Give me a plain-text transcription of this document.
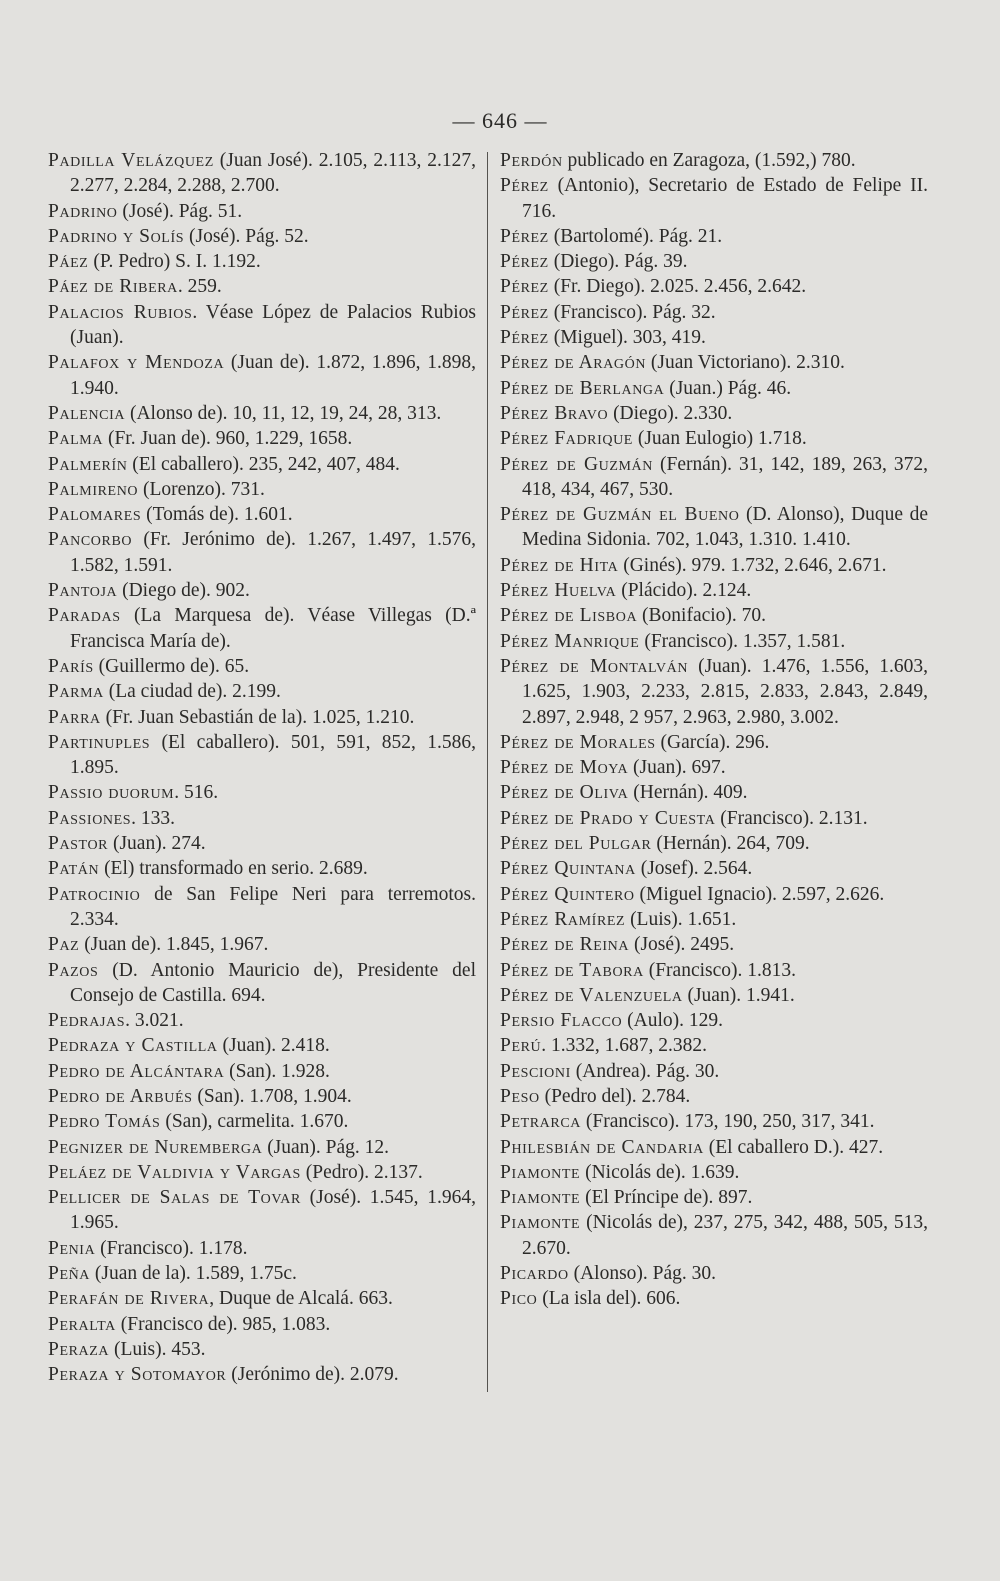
— 646 —

Padilla Velázquez (Juan José). 2.105, 2.113, 2.127, 2.277, 2.284, 2.288, 2.700.

Padrino (José). Pág. 51.

Padrino y Solís (José). Pág. 52.

Páez (P. Pedro) S. I. 1.192.

Páez de Ribera. 259.

Palacios Rubios. Véase López de Palacios Rubios (Juan).

Palafox y Mendoza (Juan de). 1.872, 1.896, 1.898, 1.940.

Palencia (Alonso de). 10, 11, 12, 19, 24, 28, 313.

Palma (Fr. Juan de). 960, 1.229, 1658.

Palmerín (El caballero). 235, 242, 407, 484.

Palmireno (Lorenzo). 731.

Palomares (Tomás de). 1.601.

Pancorbo (Fr. Jerónimo de). 1.267, 1.497, 1.576, 1.582, 1.591.

Pantoja (Diego de). 902.

Paradas (La Marquesa de). Véase Villegas (D.ª Francisca María de).

París (Guillermo de). 65.

Parma (La ciudad de). 2.199.

Parra (Fr. Juan Sebastián de la). 1.025, 1.210.

Partinuples (El caballero). 501, 591, 852, 1.586, 1.895.

Passio duorum. 516.

Passiones. 133.

Pastor (Juan). 274.

Patán (El) transformado en serio. 2.689.

Patrocinio de San Felipe Neri para terremotos. 2.334.

Paz (Juan de). 1.845, 1.967.

Pazos (D. Antonio Mauricio de), Presidente del Consejo de Castilla. 694.

Pedrajas. 3.021.

Pedraza y Castilla (Juan). 2.418.

Pedro de Alcántara (San). 1.928.

Pedro de Arbués (San). 1.708, 1.904.

Pedro Tomás (San), carmelita. 1.670.

Pegnizer de Nuremberga (Juan). Pág. 12.

Peláez de Valdivia y Vargas (Pedro). 2.137.

Pellicer de Salas de Tovar (José). 1.545, 1.964, 1.965.

Penia (Francisco). 1.178.

Peña (Juan de la). 1.589, 1.75c.

Perafán de Rivera, Duque de Alcalá. 663.

Peralta (Francisco de). 985, 1.083.

Peraza (Luis). 453.

Peraza y Sotomayor (Jerónimo de). 2.079.

Perdón publicado en Zaragoza, (1.592,) 780.

Pérez (Antonio), Secretario de Estado de Felipe II. 716.

Pérez (Bartolomé). Pág. 21.

Pérez (Diego). Pág. 39.

Pérez (Fr. Diego). 2.025. 2.456, 2.642.

Pérez (Francisco). Pág. 32.

Pérez (Miguel). 303, 419.

Pérez de Aragón (Juan Victoriano). 2.310.

Pérez de Berlanga (Juan.) Pág. 46.

Pérez Bravo (Diego). 2.330.

Pérez Fadrique (Juan Eulogio) 1.718.

Pérez de Guzmán (Fernán). 31, 142, 189, 263, 372, 418, 434, 467, 530.

Pérez de Guzmán el Bueno (D. Alonso), Duque de Medina Sidonia. 702, 1.043, 1.310. 1.410.

Pérez de Hita (Ginés). 979. 1.732, 2.646, 2.671.

Pérez Huelva (Plácido). 2.124.

Pérez de Lisboa (Bonifacio). 70.

Pérez Manrique (Francisco). 1.357, 1.581.

Pérez de Montalván (Juan). 1.476, 1.556, 1.603, 1.625, 1.903, 2.233, 2.815, 2.833, 2.843, 2.849, 2.897, 2.948, 2 957, 2.963, 2.980, 3.002.

Pérez de Morales (García). 296.

Pérez de Moya (Juan). 697.

Pérez de Oliva (Hernán). 409.

Pérez de Prado y Cuesta (Francisco). 2.131.

Pérez del Pulgar (Hernán). 264, 709.

Pérez Quintana (Josef). 2.564.

Pérez Quintero (Miguel Ignacio). 2.597, 2.626.

Pérez Ramírez (Luis). 1.651.

Pérez de Reina (José). 2495.

Pérez de Tabora (Francisco). 1.813.

Pérez de Valenzuela (Juan). 1.941.

Persio Flacco (Aulo). 129.

Perú. 1.332, 1.687, 2.382.

Pescioni (Andrea). Pág. 30.

Peso (Pedro del). 2.784.

Petrarca (Francisco). 173, 190, 250, 317, 341.

Philesbián de Candaria (El caballero D.). 427.

Piamonte (Nicolás de). 1.639.

Piamonte (El Príncipe de). 897.

Piamonte (Nicolás de), 237, 275, 342, 488, 505, 513, 2.670.

Picardo (Alonso). Pág. 30.

Pico (La isla del). 606.
